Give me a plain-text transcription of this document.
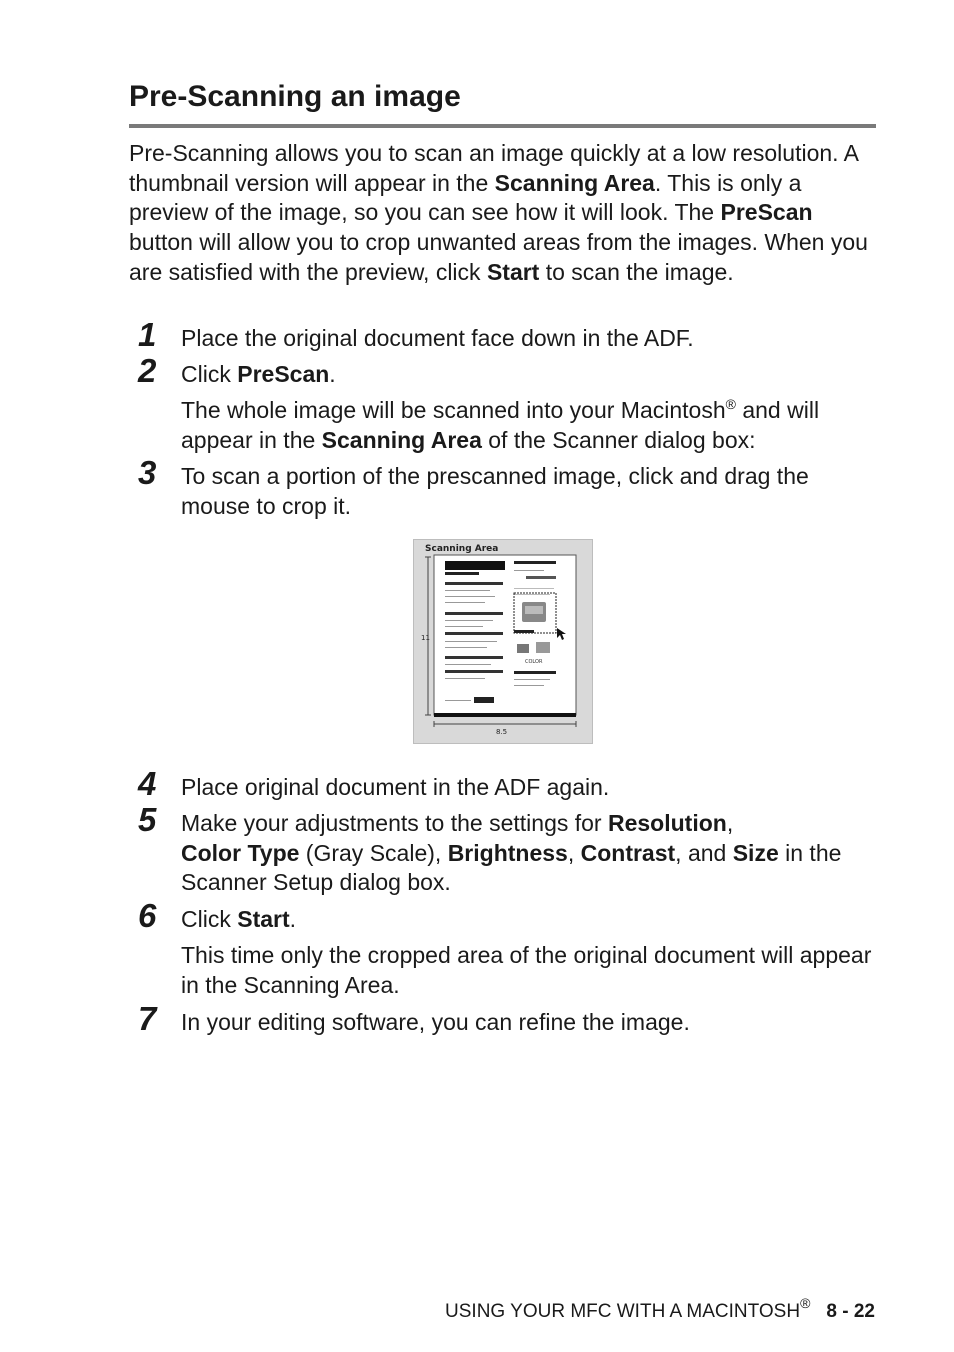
Pre-Scanning an image

Pre-Scanning allows you to scan an image quickly at a low resolution. A thumbnail version will appear in the Scanning Area. This is only a preview of the image, so you can see how it will look. The PreScan button will allow you to crop unwanted areas from the images. When you are satisfied with the preview, click Start to scan the image.

1 Place the original document face down in the ADF.
2 Click PreScan.
The whole image will be scanned into your Macintosh® and will appear in the Scanning Area of the Scanner dialog box:
3 To scan a portion of the prescanned image, click and drag the mouse to crop it.
Scanning Area
11
8.5
COLOR
4 Place original document in the ADF again.
5 Make your adjustments to the settings for Resolution,
Color Type (Gray Scale), Brightness, Contrast, and Size in the Scanner Setup dialog box.
6 Click Start.
This time only the cropped area of the original document will appear in the Scanning Area.
7 In your editing software, you can refine the image.
USING YOUR MFC WITH A MACINTOSH® 8 - 22
